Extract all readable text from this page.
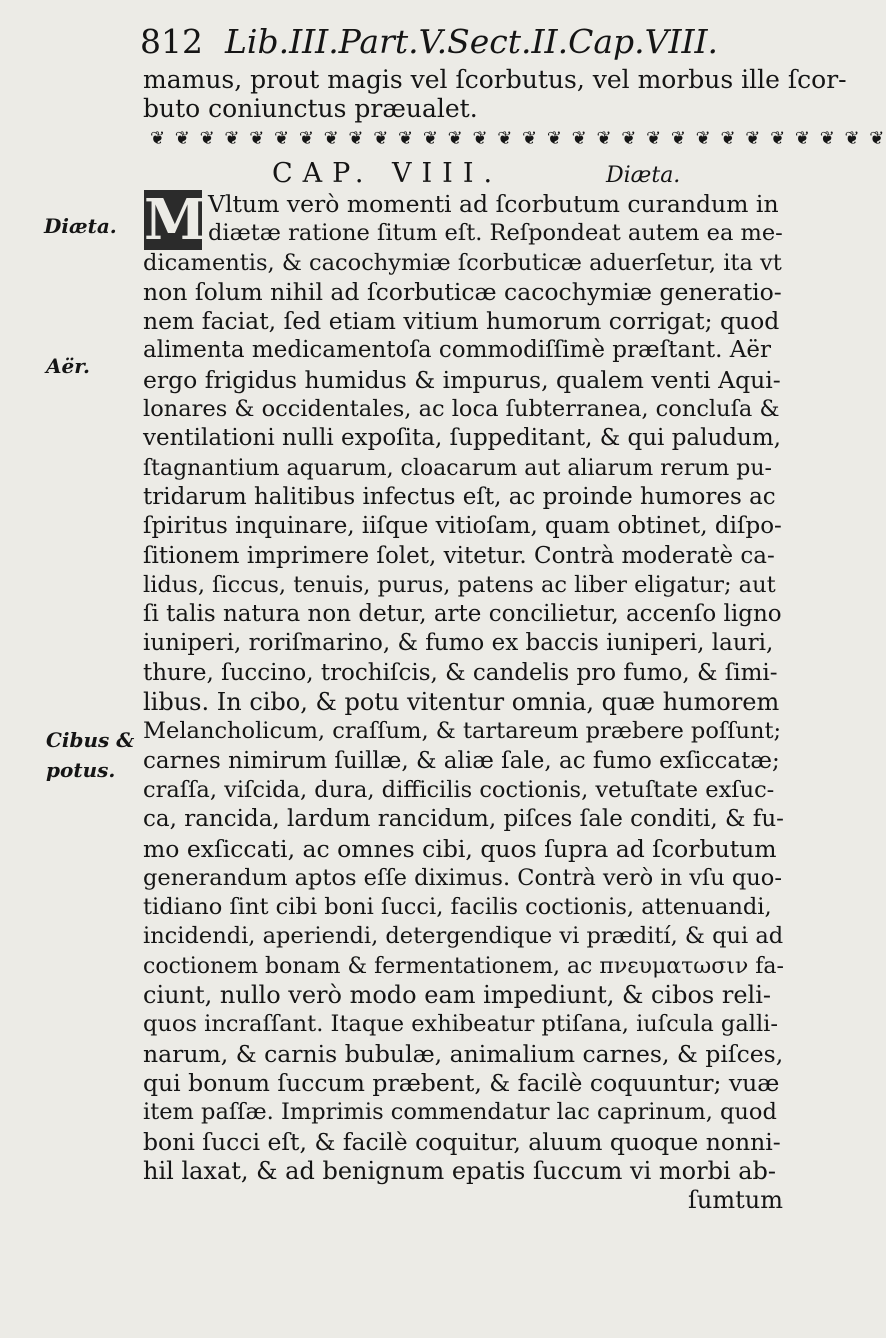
812 Lib.III.Part.V.Sect.II.Cap.VIII.
mamus, prout magis vel ſcorbutus, vel morbus ille ſcor-
buto coniunctus præualet.
❦ ❦ ❦ ❦ ❦ ❦ ❦ ❦ ❦ ❦ ❦ ❦ ❦ ❦ ❦ ❦ ❦ ❦ ❦ ❦ ❦ ❦ ❦ ❦ ❦ ❦ ❦ ❦ ❦ ❦
CAP. VIII.	Diæta.
Diæta.
Aër.
Cibus &
potus.
M Vltum verò momenti ad ſcorbutum curandum in
diætæ ratione ſitum eſt. Reſpondeat autem ea me-
dicamentis, & cacochymiæ ſcorbuticæ aduerſetur, ita vt
non ſolum nihil ad ſcorbuticæ cacochymiæ generatio-
nem faciat, ſed etiam vitium humorum corrigat; quod
alimenta medicamentoſa commodiſſimè præſtant. Aër
ergo frigidus humidus & impurus, qualem venti Aqui-
lonares & occidentales, ac loca ſubterranea, concluſa &
ventilationi nulli expoſita, ſuppeditant, & qui paludum,
ſtagnantium aquarum, cloacarum aut aliarum rerum pu-
tridarum halitibus infectus eſt, ac proinde humores ac
ſpiritus inquinare, iiſque vitioſam, quam obtinet, diſpo-
ſitionem imprimere ſolet, vitetur. Contrà moderatè ca-
lidus, ſiccus, tenuis, purus, patens ac liber eligatur; aut
ſi talis natura non detur, arte concilietur, accenſo ligno
iuniperi, roriſmarino, & fumo ex baccis iuniperi, lauri,
thure, ſuccino, trochiſcis, & candelis pro fumo, & ſimi-
libus. In cibo, & potu vitentur omnia, quæ humorem
Melancholicum, craſſum, & tartareum præbere poſſunt;
carnes nimirum ſuillæ, & aliæ ſale, ac fumo exſiccatæ;
craſſa, viſcida, dura, difficilis coctionis, vetuſtate exſuc-
ca, rancida, lardum rancidum, piſces ſale conditi, & fu-
mo exſiccati, ac omnes cibi, quos ſupra ad ſcorbutum
generandum aptos eſſe diximus. Contrà verò in vſu quo-
tidiano ſint cibi boni ſucci, facilis coctionis, attenuandi,
incidendi, aperiendi, detergendique vi prædití, & qui ad
coctionem bonam & fermentationem, ac πνευματωσιν fa-
ciunt, nullo verò modo eam impediunt, & cibos reli-
quos incraſſant. Itaque exhibeatur ptiſana, iuſcula galli-
narum, & carnis bubulæ, animalium carnes, & piſces,
qui bonum ſuccum præbent, & facilè coquuntur; vuæ
item paſſæ. Imprimis commendatur lac caprinum, quod
boni ſucci eſt, & facilè coquitur, aluum quoque nonni-
hil laxat, & ad benignum epatis ſuccum vi morbi ab-
ſumtum
